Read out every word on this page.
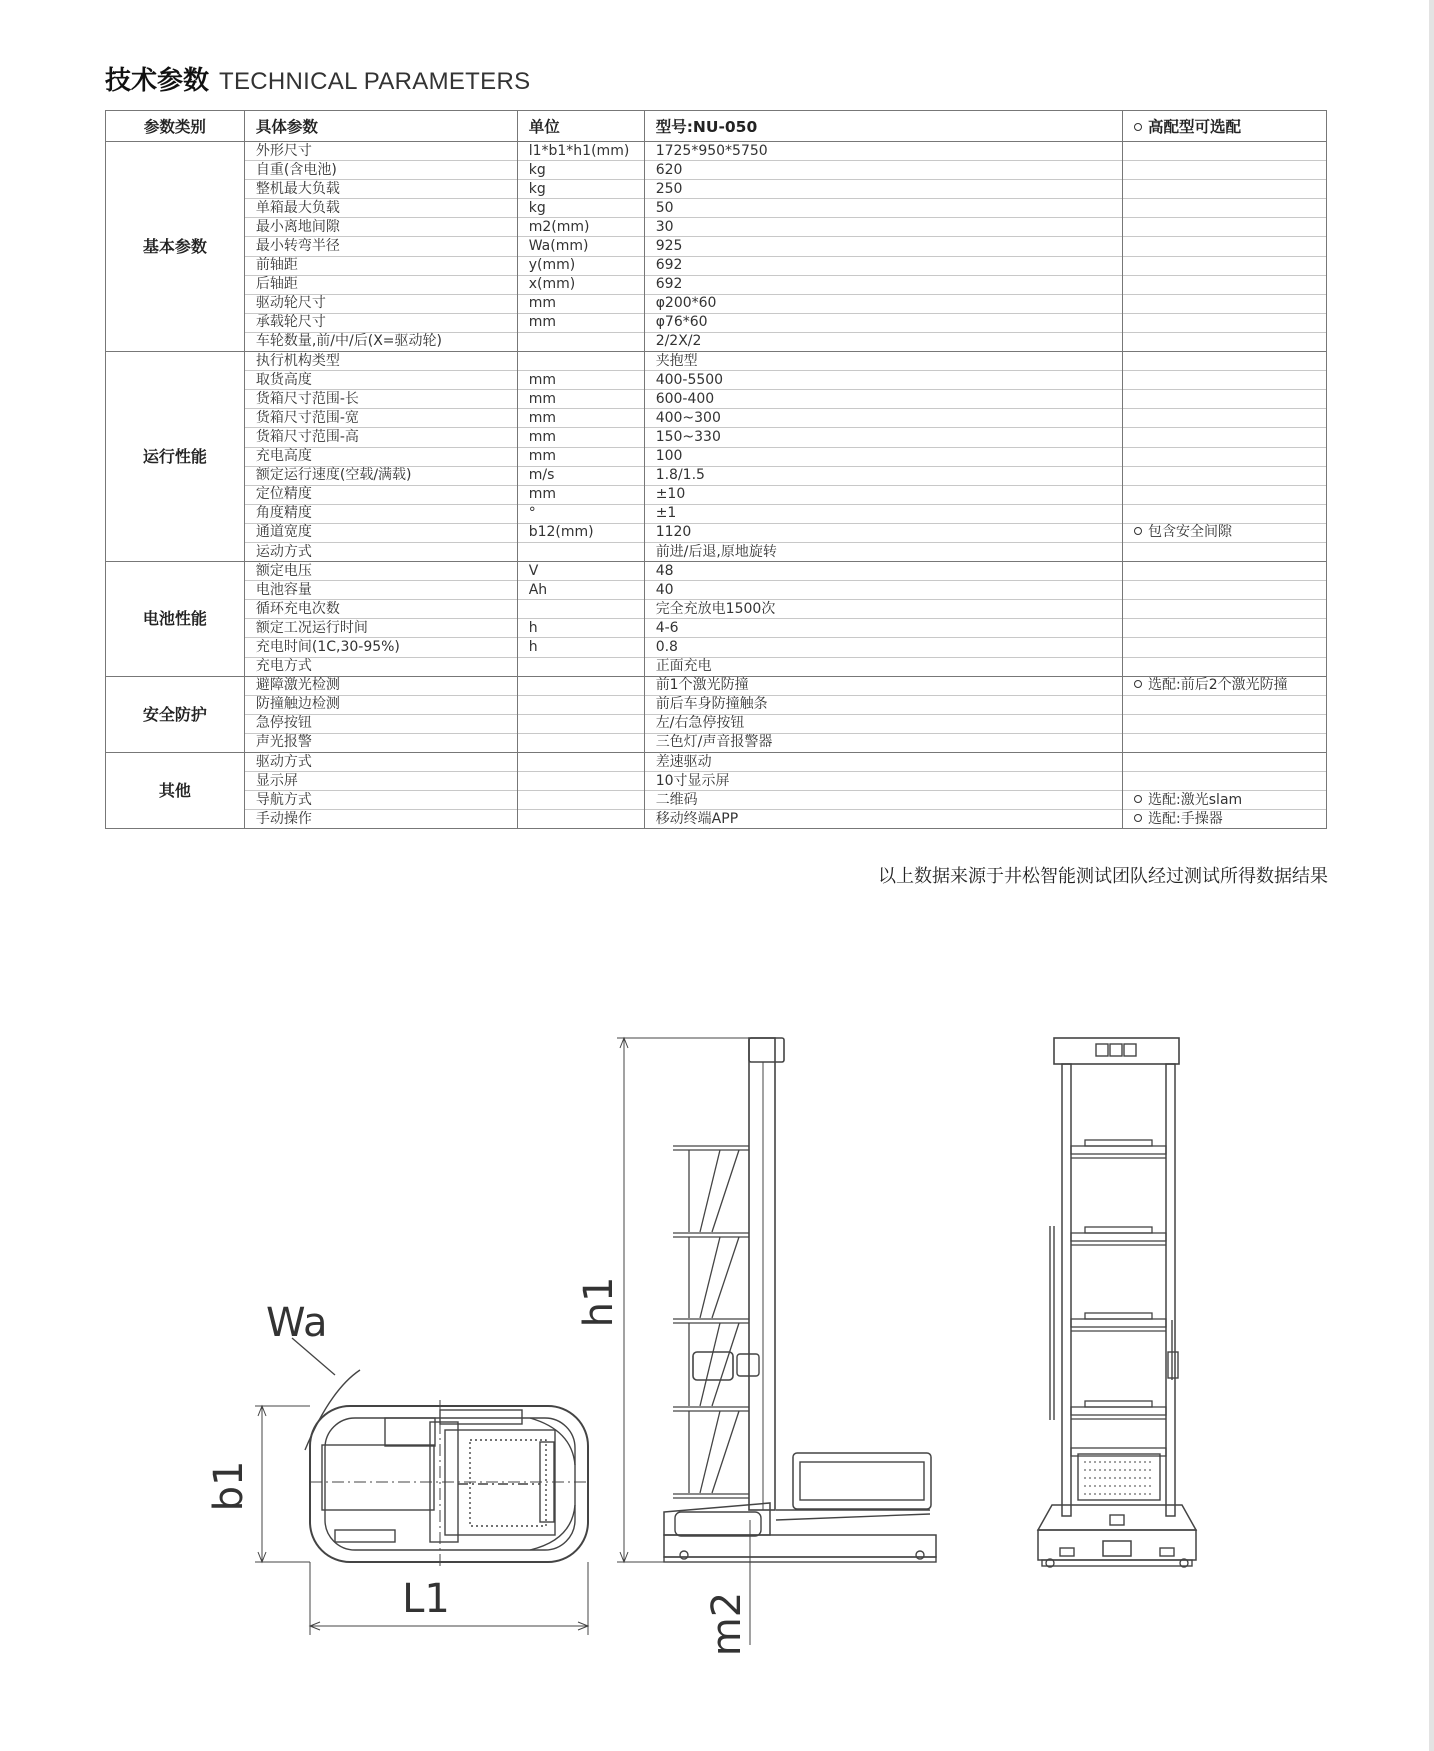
技术参数 TECHNICAL PARAMETERS
参数类别	具体参数	单位	型号:NU-050	高配型可选配
基本参数	外形尺寸	l1*b1*h1(mm)	1725*950*5750	
	自重(含电池)	kg	620	
	整机最大负载	kg	250	
	单箱最大负载	kg	50	
	最小离地间隙	m2(mm)	30	
	最小转弯半径	Wa(mm)	925	
	前轴距	y(mm)	692	
	后轴距	x(mm)	692	
	驱动轮尺寸	mm	φ200*60	
	承载轮尺寸	mm	φ76*60	
	车轮数量,前/中/后(X=驱动轮)		2/2X/2	
运行性能	执行机构类型		夹抱型	
	取货高度	mm	400-5500	
	货箱尺寸范围-长	mm	600-400	
	货箱尺寸范围-宽	mm	400~300	
	货箱尺寸范围-高	mm	150~330	
	充电高度	mm	100	
	额定运行速度(空载/满载)	m/s	1.8/1.5	
	定位精度	mm	±10	
	角度精度	°	±1	
	通道宽度	b12(mm)	1120	包含安全间隙
	运动方式		前进/后退,原地旋转	
电池性能	额定电压	V	48	
	电池容量	Ah	40	
	循环充电次数		完全充放电1500次	
	额定工况运行时间	h	4-6	
	充电时间(1C,30-95%)	h	0.8	
	充电方式		正面充电	
安全防护	避障激光检测		前1个激光防撞	选配:前后2个激光防撞
	防撞触边检测		前后车身防撞触条	
	急停按钮		左/右急停按钮	
	声光报警		三色灯/声音报警器	
其他	驱动方式		差速驱动	
	显示屏		10寸显示屏	
	导航方式		二维码	选配:激光slam
	手动操作		移动终端APP	选配:手操器
以上数据来源于井松智能测试团队经过测试所得数据结果
Wa
b1
L1
h1
m2
